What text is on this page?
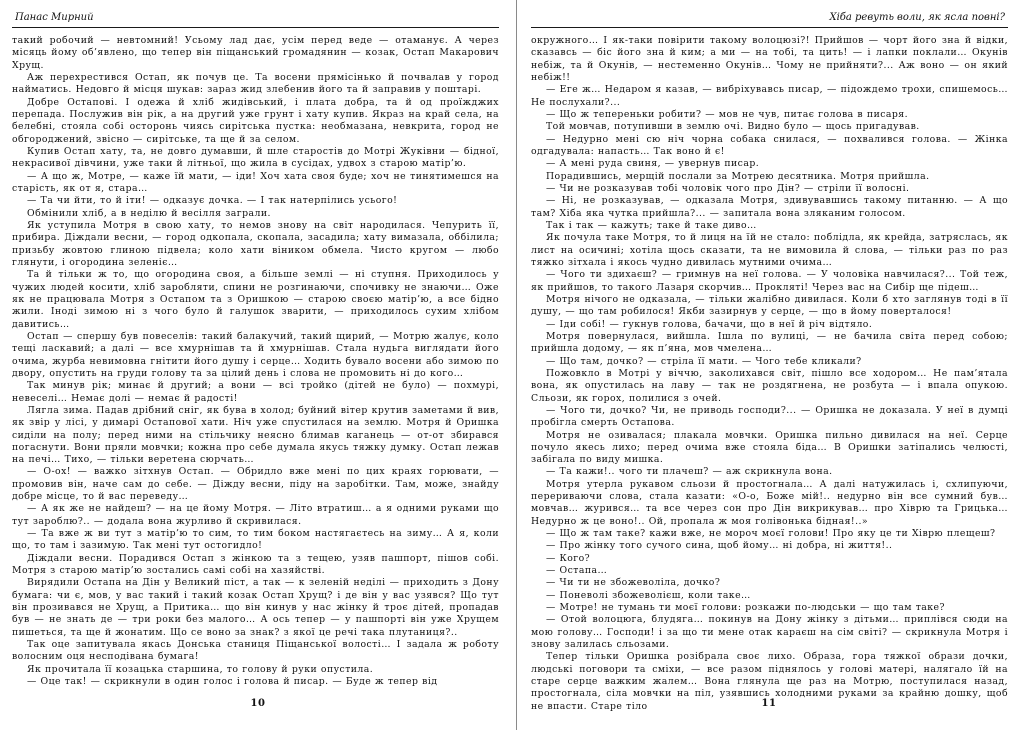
Панас Мирний

такий робочий — невтомний! Усьому лад дає, усім перед веде — отаманує. А через місяць йому об’явлено, що тепер він піщанський громадянин — козак, Остап Макарович Хрущ.

Аж перехрестився Остап, як почув це. Та восени прямісінько й почвалав у город найматись. Недовго й місця шукав: зараз жид злебенив його та й заправив у поштарі.

Добре Остапові. І одежа й хліб жидівський, і плата добра, та й од проїжджих перепада. Послужив він рік, а на другий уже грунт і хату купив. Якраз на край села, на белебні, стояла собі осторонь чиясь сирітська пустка: необмазана, невкрита, город не обгороджений, звісно — сирітське, та ще й за селом.

Купив Остап хату, та, не довго думавши, й шле старостів до Мотрі Жуківни — бідної, некрасивої дівчини, уже таки й літньої, що жила в сусідах, удвох з старою матір’ю.

— А що ж, Мотре, — каже їй мати, — іди! Хоч хата своя буде; хоч не тинятимешся на старість, як от я, стара…

— Та чи йти, то й іти! — одказує дочка. — І так натерпілись усього!

Обмінили хліб, а в неділю й весілля заграли.

Як уступила Мотря в свою хату, то немов знову на світ народилася. Чепурить її, прибира. Діждали весни, — город одкопала, скопала, засадила; хату вимазала, оббілила; призьбу жовтою глиною підвела; коло хати віником обмела. Чисто кругом — любо глянути, і огородина зеленіє…

Та й тільки ж то, що огородина своя, а більше землі — ні ступня. Приходилось у чужих людей косити, хліб заробляти, спини не розгинаючи, спочивку не знаючи… Оже як не працювала Мотря з Остапом та з Оришкою — старою своєю матір’ю, а все бідно жили. Іноді зимою ні з чого було й галушок зварити, — приходилось сухим хлібом давитись…

Остап — спершу був повеселів: такий балакучий, такий щирий, — Мотрю жалує, коло тещі ласкавий; а далі — все хмурнішав та й хмурнішав. Стала нудьга виглядати його очима, журба невимовна гнітити його душу і серце… Ходить бувало восени або зимою по двору, опустить на груди голову та за цілий день і слова не промовить ні до кого…

Так минув рік; минає й другий; а вони — всі тройко (дітей не було) — похмурі, невеселі… Немає долі — немає й радості!

Лягла зима. Падав дрібний сніг, як бува в холод; буйний вітер крутив заметами й вив, як звір у лісі, у димарі Остапової хати. Ніч уже спустилася на землю. Мотря й Оришка сиділи на полу; перед ними на стільчику неясно блимав каганець — от-от збирався погаснути. Вони пряли мовчки; кожна про себе думала якусь тяжку думку. Остап лежав на печі… Тихо, — тільки веретена сюрчать…

— О-ох! — важко зітхнув Остап. — Обридло вже мені по цих краях горювати, — промовив він, наче сам до себе. — Діжду весни, піду на заробітки. Там, може, знайду добре місце, то й вас переведу…

— А як же не найдеш? — на це йому Мотря. — Літо втратиш… а я одними руками що тут зароблю?.. — додала вона журливо й скривилася.

— Та вже ж ви тут з матір’ю то сим, то тим боком настягаєтесь на зиму… А я, коли що, то там і зазимую. Так мені тут остогидло!

Діждали весни. Порадився Остап з жінкою та з тещею, узяв пашпорт, пішов собі. Мотря з старою матір’ю зостались самі собі на хазяйстві.

Вирядили Остапа на Дін у Великий піст, а так — к зеленій неділі — приходить з Дону бумага: чи є, мов, у вас такий і такий козак Остап Хрущ? і де він у вас узявся? Що тут він прозивався не Хрущ, а Притика… що він кинув у нас жінку й троє дітей, пропадав був — не знать де — три роки без малого… А ось тепер — у пашпорті він уже Хрущем пишеться, та ще й жонатим. Що се воно за знак? з якої це речі така плутаниця?..

Так оце запитувала якась Донська станиця Піщанської волості… І задала ж роботу волосним оця несподівана бумага!

Як прочитала її козацька старшина, то голову й руки опустила.

— Оце так! — скрикнули в один голос і голова й писар. — Буде ж тепер від

10
Хіба ревуть воли, як ясла повні?

окружного… І як-таки повірити такому волоцюзі?! Прийшов — чорт його зна й відки, сказавсь — біс його зна й ким; а ми — на тобі, та цить! — і лапки поклали… Окунів небіж, та й Окунів, — нестеменно Окунів… Чому не прийняти?... Аж воно — он який небіж!!

— Еге ж… Недаром я казав, — вибріхувавсь писар, — підождемо трохи, спишемось… Не послухали?...

— Що ж тепереньки робити? — мов не чув, питає голова в писаря.

Той мовчав, потупивши в землю очі. Видно було — щось пригадував.

— Недурно мені сю ніч чорна собака снилася, — похвалився голова. — Жінка одгадувала: напасть… Так воно й є!

— А мені руда свиня, — увернув писар.

Порадившись, мерщій послали за Мотрею десятника. Мотря прийшла.

— Чи не розказував тобі чоловік чого про Дін? — стріли її волосні.

— Ні, не розказував, — одказала Мотря, здивувавшись такому питанню. — А що там? Хіба яка чутка прийшла?... — запитала вона зляканим голосом.

Так і так — кажуть; таке й таке диво…

Як почула таке Мотря, то й лиця на їй не стало: поблідла, як крейда, затряслась, як лист на осичині; хотіла щось сказати, та не вимовила й слова, — тільки раз по раз тяжко зітхала і якось чудно дивилась мутними очима…

— Чого ти здихаєш? — гримнув на неї голова. — У чоловіка навчилася?... Той теж, як прийшов, то такого Лазаря скорчив… Прокляті! Через вас на Сибір ще підеш…

Мотря нічого не одказала, — тільки жалібно дивилася. Коли б хто заглянув тоді в її душу, — що там робилося! Якби зазирнув у серце, — що в йому поверталося!

— Іди собі! — гукнув голова, бачачи, що в неї й річ відтяло.

Мотря повернулася, вийшла. Ішла по вулиці, — не бачила світа перед собою; прийшла додому, — як п’яна, мов чмелена…

— Що там, дочко? — стріла її мати. — Чого тебе кликали?

Пожовкло в Мотрі у віччю, заколихався світ, пішло все ходором… Не пам’ятала вона, як опустилась на лаву — так не роздягнена, не розбута — і впала опукою. Сльози, як горох, полилися з очей.

— Чого ти, дочко? Чи, не приводь господи?... — Оришка не доказала. У неї в думці пробігла смерть Остапова.

Мотря не озивалася; плакала мовчки. Оришка пильно дивилася на неї. Серце почуло якесь лихо; перед очима вже стояла біда… В Оришки затіпались челюсті, забігала по виду мишка.

— Та кажи!.. чого ти плачеш? — аж скрикнула вона.

Мотря утерла рукавом сльози й простогнала… А далі натужилась і, схлипуючи, перериваючи слова, стала казати: «О-о, Боже мій!.. недурно він все сумний був… мовчав… журився… та все через сон про Дін викрикував… про Хіврю та Грицька… Недурно ж це воно!.. Ой, пропала ж моя голівонька бідная!..»

— Що ж там таке? кажи вже, не мороч моєї голови! Про яку це ти Хіврю плещеш?

— Про жінку того сучого сина, щоб йому… ні добра, ні життя!..

— Кого?

— Остапа…

— Чи ти не збожеволіла, дочко?

— Поневолі збожеволієш, коли таке…

— Мотре! не тумань ти моєї голови: розкажи по-людськи — що там таке?

— Отой волоцюга, блудяга… покинув на Дону жінку з дітьми… приплівся сюди на мою голову… Господи! і за що ти мене отак караєш на сім світі? — скрикнула Мотря і знову залилась сльозами.

Тепер тільки Оришка розібрала своє лихо. Образа, гора тяжкої образи дочки, людські поговори та сміхи, — все разом піднялось у голові матері, налягало їй на старе серце важким жалем… Вона глянула ще раз на Мотрю, поступилася назад, простогнала, сіла мовчки на піл, узявшись холодними руками за крайню дошку, щоб не впасти. Старе тіло	11
